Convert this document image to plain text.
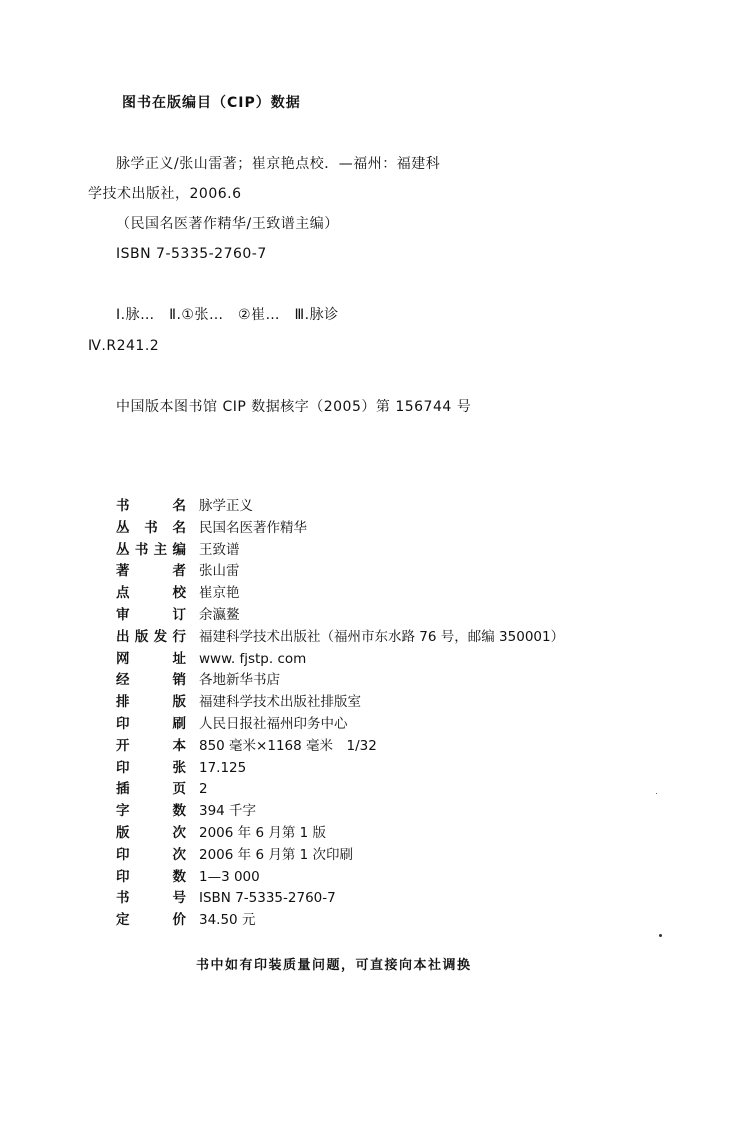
图书在版编目（CIP）数据
脉学正义/张山雷著；崔京艳点校．—福州：福建科
学技术出版社，2006.6
（民国名医著作精华/王致谱主编）
ISBN 7-5335-2760-7
Ⅰ.脉…　Ⅱ.①张…　②崔…　Ⅲ.脉诊
Ⅳ.R241.2
中国版本图书馆 CIP 数据核字（2005）第 156744 号
书名 脉学正义
丛书名 民国名医著作精华
丛书主编 王致谱
著者 张山雷
点校 崔京艳
审订 余瀛鳌
出版发行 福建科学技术出版社（福州市东水路 76 号，邮编 350001）
网址 www. fjstp. com
经销 各地新华书店
排版 福建科学技术出版社排版室
印刷 人民日报社福州印务中心
开本 850 毫米×1168 毫米　1/32
印张 17.125
插页 2
字数 394 千字
版次 2006 年 6 月第 1 版
印次 2006 年 6 月第 1 次印刷
印数 1—3 000
书号 ISBN 7-5335-2760-7
定价 34.50 元
书中如有印装质量问题，可直接向本社调换
